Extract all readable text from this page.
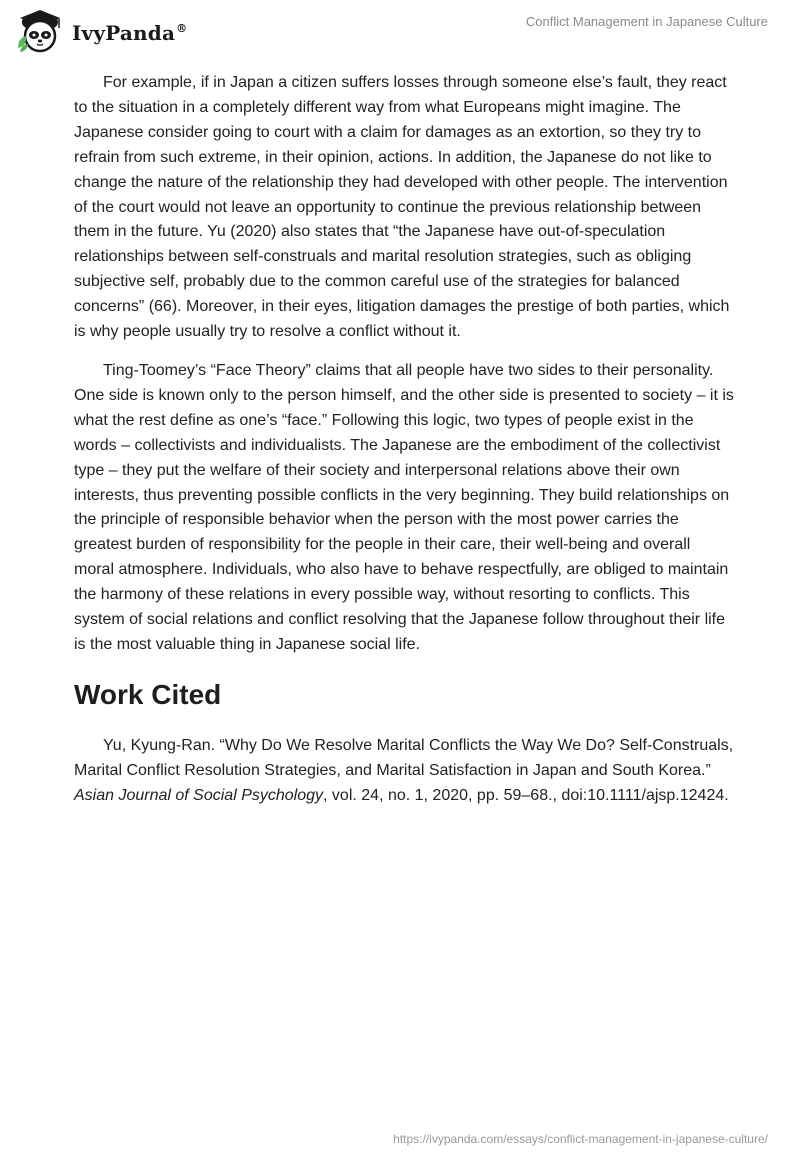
IvyPanda®	Conflict Management in Japanese Culture

For example, if in Japan a citizen suffers losses through someone else’s fault, they react to the situation in a completely different way from what Europeans might imagine. The Japanese consider going to court with a claim for damages as an extortion, so they try to refrain from such extreme, in their opinion, actions. In addition, the Japanese do not like to change the nature of the relationship they had developed with other people. The intervention of the court would not leave an opportunity to continue the previous relationship between them in the future. Yu (2020) also states that “the Japanese have out-of-speculation relationships between self-construals and marital resolution strategies, such as obliging subjective self, probably due to the common careful use of the strategies for balanced concerns” (66). Moreover, in their eyes, litigation damages the prestige of both parties, which is why people usually try to resolve a conflict without it.

Ting-Toomey’s “Face Theory” claims that all people have two sides to their personality. One side is known only to the person himself, and the other side is presented to society – it is what the rest define as one’s “face.” Following this logic, two types of people exist in the words – collectivists and individualists. The Japanese are the embodiment of the collectivist type – they put the welfare of their society and interpersonal relations above their own interests, thus preventing possible conflicts in the very beginning. They build relationships on the principle of responsible behavior when the person with the most power carries the greatest burden of responsibility for the people in their care, their well-being and overall moral atmosphere. Individuals, who also have to behave respectfully, are obliged to maintain the harmony of these relations in every possible way, without resorting to conflicts. This system of social relations and conflict resolving that the Japanese follow throughout their life is the most valuable thing in Japanese social life.

Work Cited

Yu, Kyung-Ran. “Why Do We Resolve Marital Conflicts the Way We Do? Self-Construals, Marital Conflict Resolution Strategies, and Marital Satisfaction in Japan and South Korea.” Asian Journal of Social Psychology, vol. 24, no. 1, 2020, pp. 59–68., doi:10.1111/ajsp.12424.

https://ivypanda.com/essays/conflict-management-in-japanese-culture/
